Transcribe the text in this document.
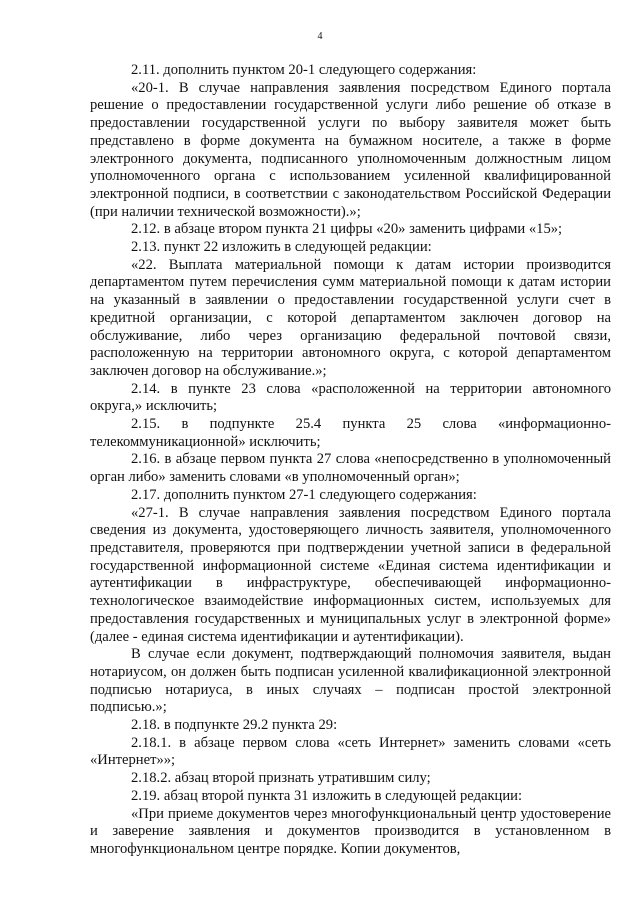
4

2.11. дополнить пунктом 20-1 следующего содержания:

«20-1. В случае направления заявления посредством Единого портала решение о предоставлении государственной услуги либо решение об отказе в предоставлении государственной услуги по выбору заявителя может быть представлено в форме документа на бумажном носителе, а также в форме электронного документа, подписанного уполномоченным должностным лицом уполномоченного органа с использованием усиленной квалифицированной электронной подписи, в соответствии с законодательством Российской Федерации (при наличии технической возможности).»;

2.12. в абзаце втором пункта 21 цифры «20» заменить цифрами «15»;

2.13. пункт 22 изложить в следующей редакции:

«22. Выплата материальной помощи к датам истории производится департаментом путем перечисления сумм материальной помощи к датам истории на указанный в заявлении о предоставлении государственной услуги счет в кредитной организации, с которой департаментом заключен договор на обслуживание, либо через организацию федеральной почтовой связи, расположенную на территории автономного округа, с которой департаментом заключен договор на обслуживание.»;

2.14. в пункте 23 слова «расположенной на территории автономного округа,» исключить;

2.15. в подпункте 25.4 пункта 25 слова «информационно-телекоммуникационной» исключить;

2.16. в абзаце первом пункта 27 слова «непосредственно в уполномоченный орган либо» заменить словами «в уполномоченный орган»;

2.17. дополнить пунктом 27-1 следующего содержания:

«27-1. В случае направления заявления посредством Единого портала сведения из документа, удостоверяющего личность заявителя, уполномоченного представителя, проверяются при подтверждении учетной записи в федеральной государственной информационной системе «Единая система идентификации и аутентификации в инфраструктуре, обеспечивающей информационно-технологическое взаимодействие информационных систем, используемых для предоставления государственных и муниципальных услуг в электронной форме» (далее - единая система идентификации и аутентификации).

В случае если документ, подтверждающий полномочия заявителя, выдан нотариусом, он должен быть подписан усиленной квалификационной электронной подписью нотариуса, в иных случаях – подписан простой электронной подписью.»;

2.18. в подпункте 29.2 пункта 29:

2.18.1. в абзаце первом слова «сеть Интернет» заменить словами «сеть «Интернет»»;

2.18.2. абзац второй признать утратившим силу;

2.19. абзац второй пункта 31 изложить в следующей редакции:

«При приеме документов через многофункциональный центр удостоверение и заверение заявления и документов производится в установленном в многофункциональном центре порядке. Копии документов,
